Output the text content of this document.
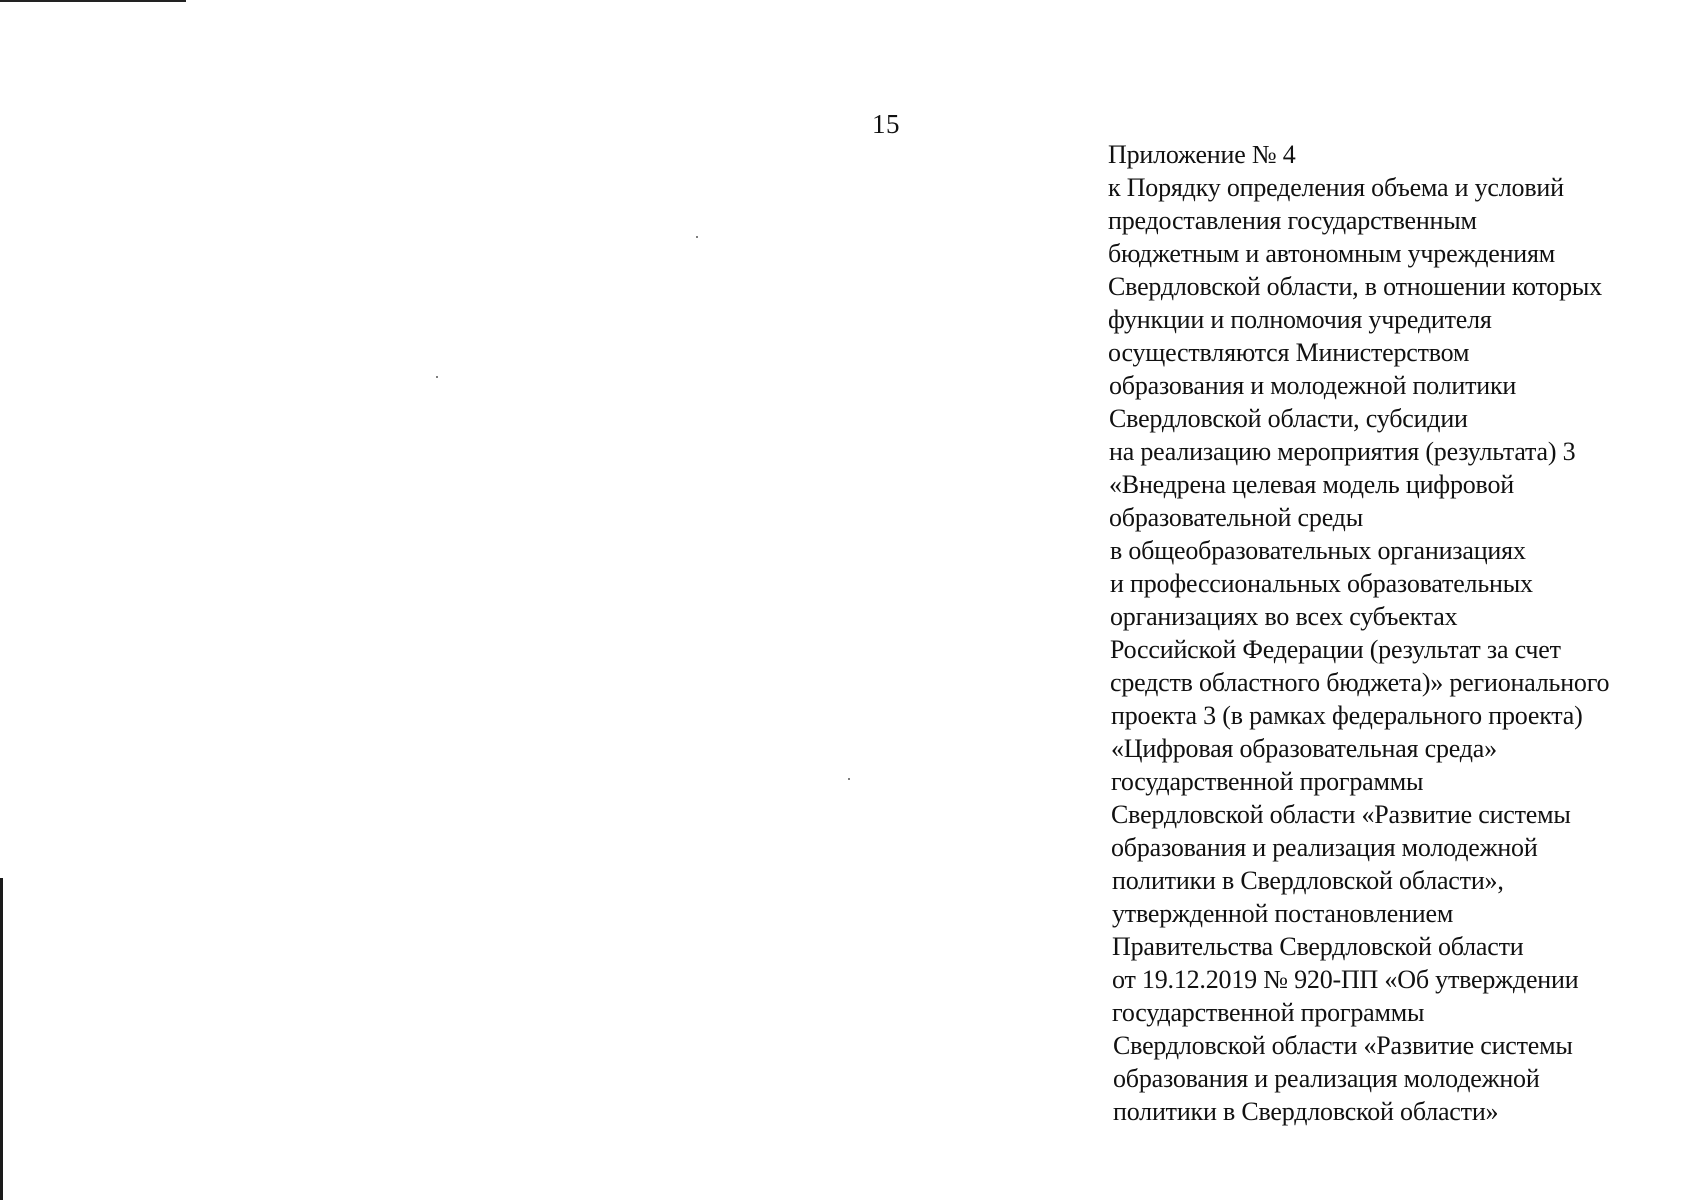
15
Приложение № 4
к Порядку определения объема и условий
предоставления государственным
бюджетным и автономным учреждениям
Свердловской области, в отношении которых
функции и полномочия учредителя
осуществляются Министерством
образования и молодежной политики
Свердловской области, субсидии
на реализацию мероприятия (результата) 3
«Внедрена целевая модель цифровой
образовательной среды
в общеобразовательных организациях
и профессиональных образовательных
организациях во всех субъектах
Российской Федерации (результат за счет
средств областного бюджета)» регионального
проекта 3 (в рамках федерального проекта)
«Цифровая образовательная среда»
государственной программы
Свердловской области «Развитие системы
образования и реализация молодежной
политики в Свердловской области»,
утвержденной постановлением
Правительства Свердловской области
от 19.12.2019 № 920-ПП «Об утверждении
государственной программы
Свердловской области «Развитие системы
образования и реализация молодежной
политики в Свердловской области»
